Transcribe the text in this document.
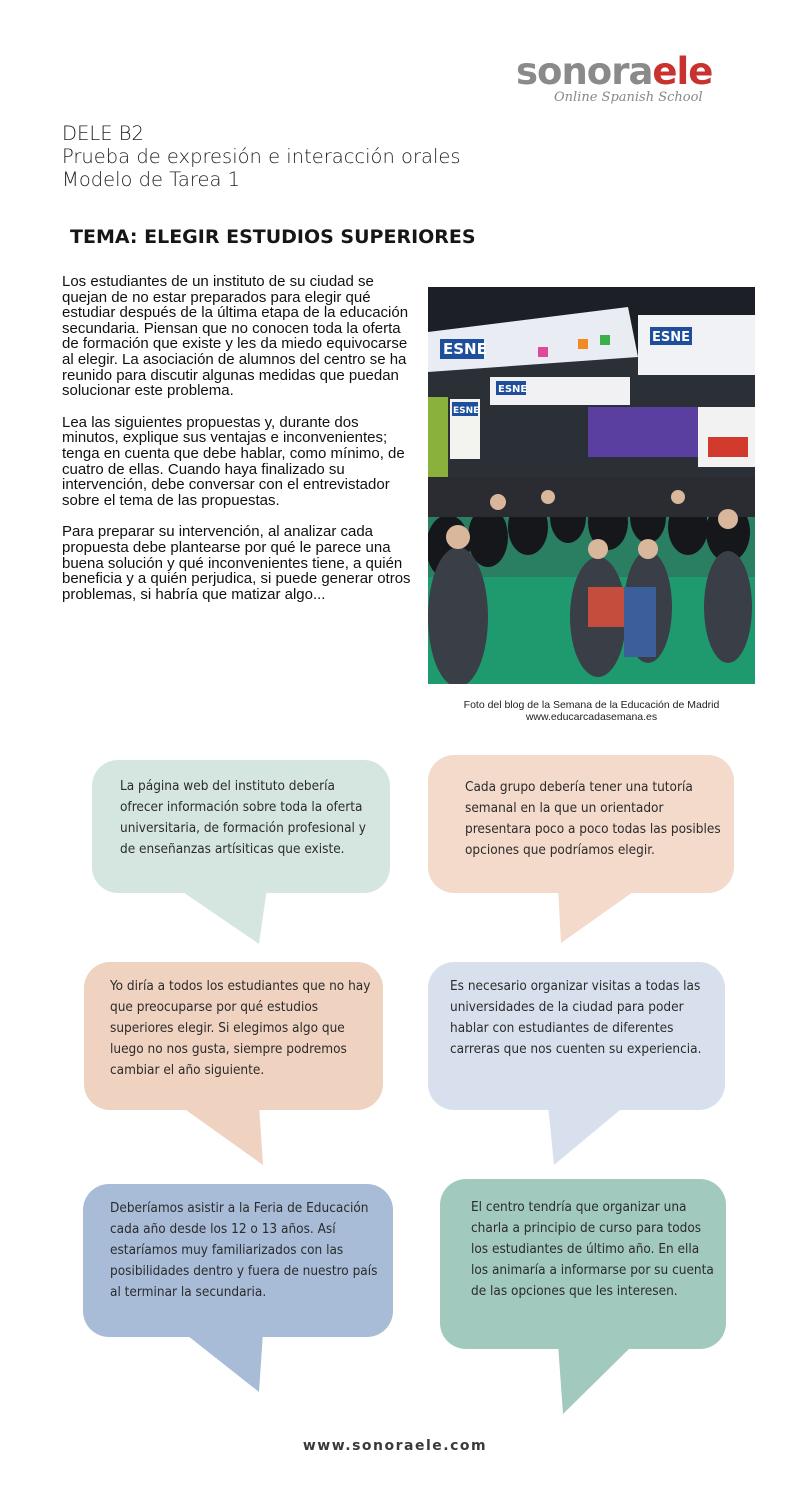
sonoraele
Online Spanish School
DELE B2
Prueba de expresión e interacción orales
Modelo de Tarea 1
TEMA: ELEGIR ESTUDIOS SUPERIORES

Los estudiantes de un instituto de su ciudad se quejan de no estar preparados para elegir qué estudiar después de la última etapa de la educación secundaria. Piensan que no conocen toda la oferta de formación que existe y les da miedo equivocarse al elegir. La asociación de alumnos del centro se ha reunido para discutir algunas medidas que puedan solucionar este problema.

Lea las siguientes propuestas y, durante dos minutos, explique sus ventajas e inconvenientes; tenga en cuenta que debe hablar, como mínimo, de cuatro de ellas. Cuando haya finalizado su intervención, debe conversar con el entrevistador sobre el tema de las propuestas.

Para preparar su intervención, al analizar cada propuesta debe plantearse por qué le parece una buena solución y qué inconvenientes tiene, a quién beneficia y a quién perjudica, si puede generar otros problemas, si habría que matizar algo...

ESNE
ESNE
ESNE
ESNE
Foto del blog de la Semana de la Educación de Madrid
www.educarcadasemana.es
La página web del instituto debería ofrecer información sobre toda la oferta universitaria, de formación profesional y de enseñanzas artísiticas que existe.
Cada grupo debería tener una tutoría semanal en la que un orientador presentara poco a poco todas las posibles opciones que podríamos elegir.
Yo diría a todos los estudiantes que no hay que preocuparse por qué estudios superiores elegir. Si elegimos algo que luego no nos gusta, siempre podremos cambiar el año siguiente.
Es necesario organizar visitas a todas las universidades de la ciudad para poder hablar con estudiantes de diferentes carreras que nos cuenten su experiencia.
Deberíamos asistir a la Feria de Educación cada año desde los 12 o 13 años. Así estaríamos muy familiarizados con las posibilidades dentro y fuera de nuestro país al terminar la secundaria.
El centro tendría que organizar una charla a principio de curso para todos los estudiantes de último año. En ella los animaría a informarse por su cuenta de las opciones que les interesen.
www.sonoraele.com
